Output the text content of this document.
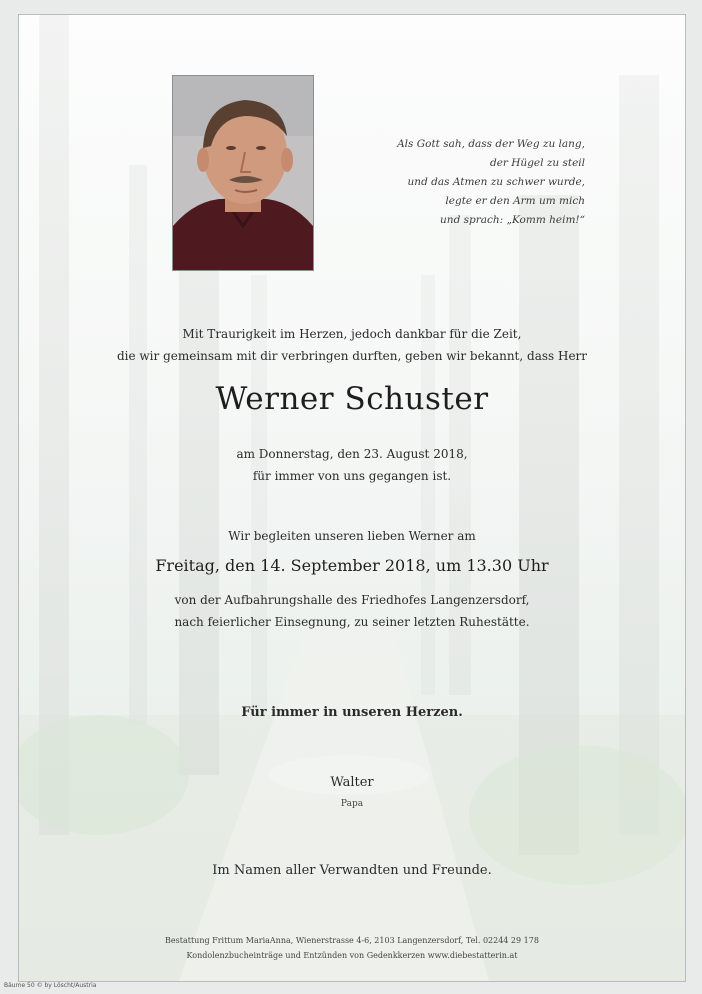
Als Gott sah, dass der Weg zu lang,
der Hügel zu steil
und das Atmen zu schwer wurde,
legte er den Arm um mich
und sprach: „Komm heim!“
Mit Traurigkeit im Herzen, jedoch dankbar für die Zeit,
die wir gemeinsam mit dir verbringen durften, geben wir bekannt, dass Herr
Werner Schuster
am Donnerstag, den 23. August 2018,
für immer von uns gegangen ist.
Wir begleiten unseren lieben Werner am
Freitag, den 14. September 2018, um 13.30 Uhr
von der Aufbahrungshalle des Friedhofes Langenzersdorf,
nach feierlicher Einsegnung, zu seiner letzten Ruhestätte.
Für immer in unseren Herzen.
Walter
Papa
Im Namen aller Verwandten und Freunde.
Bestattung Frittum MariaAnna, Wienerstrasse 4-6, 2103 Langenzersdorf, Tel. 02244 29 178
Kondolenzbucheinträge und Entzünden von Gedenkkerzen www.diebestatterin.at
Bäume 50 © by Löscht/Austria
